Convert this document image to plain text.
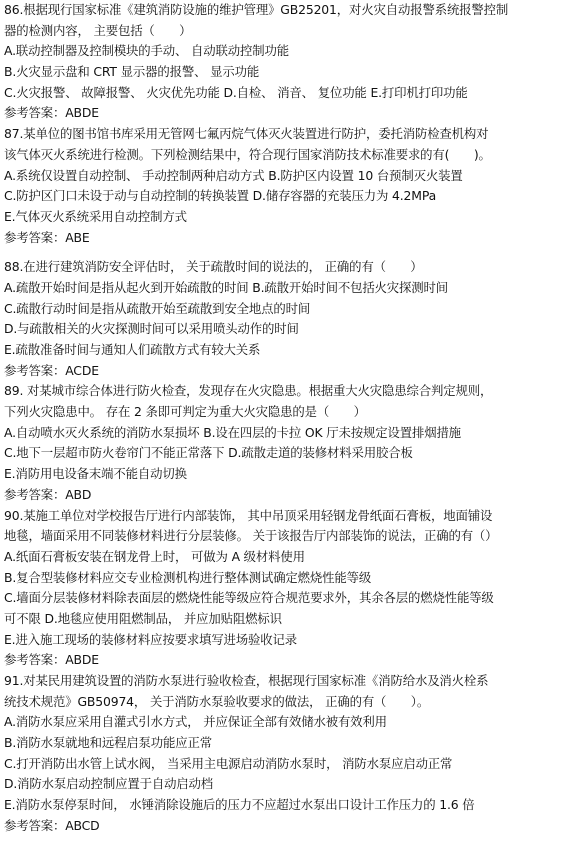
86.根据现行国家标准《建筑消防设施的维护管理》GB25201，对火灾自动报警系统报警控制
器的检测内容， 主要包括（　　）
A.联动控制器及控制模块的手动、 自动联动控制功能
B.火灾显示盘和 CRT 显示器的报警、 显示功能
C.火灾报警、 故障报警、 火灾优先功能 D.自检、 消音、 复位功能 E.打印机打印功能
参考答案：ABDE
87.某单位的图书馆书库采用无管网七氟丙烷气体灭火装置进行防护，委托消防检查机构对
该气体灭火系统进行检测。下列检测结果中，符合现行国家消防技术标准要求的有(　　)。
A.系统仅设置自动控制、 手动控制两种启动方式 B.防护区内设置 10 台预制灭火装置
C.防护区门口未设于动与自动控制的转换装置 D.储存容器的充装压力为 4.2MPa
E.气体灭火系统采用自动控制方式
参考答案：ABE
88.在进行建筑消防安全评估时， 关于疏散时间的说法的， 正确的有（　　）
A.疏散开始时间是指从起火到开始疏散的时间 B.疏散开始时间不包括火灾探测时间
C.疏散行动时间是指从疏散开始至疏散到安全地点的时间
D.与疏散相关的火灾探测时间可以采用喷头动作的时间
E.疏散准备时间与通知人们疏散方式有较大关系
参考答案：ACDE
89. 对某城市综合体进行防火检查，发现存在火灾隐患。根据重大火灾隐患综合判定规则，
下列火灾隐患中。 存在 2 条即可判定为重大火灾隐患的是（　　）
A.自动喷水灭火系统的消防水泵损坏 B.设在四层的卡拉 OK 厅未按规定设置排烟措施
C.地下一层超市防火卷帘门不能正常落下 D.疏散走道的装修材料采用胶合板
E.消防用电设备末端不能自动切换
参考答案：ABD
90.某施工单位对学校报告厅进行内部装饰， 其中吊顶采用轻钢龙骨纸面石膏板，地面铺设
地毯，墙面采用不同装修材料进行分层装修。 关于该报告厅内部装饰的说法，正确的有（）
A.纸面石膏板安装在钢龙骨上时， 可做为 A 级材料使用
B.复合型装修材料应交专业检测机构进行整体测试确定燃烧性能等级
C.墙面分层装修材料除表面层的燃烧性能等级应符合规范要求外，其余各层的燃烧性能等级
可不限 D.地毯应使用阻燃制品， 并应加贴阻燃标识
E.进入施工现场的装修材料应按要求填写进场验收记录
参考答案：ABDE
91.对某民用建筑设置的消防水泵进行验收检查，根据现行国家标准《消防给水及消火栓系
统技术规范》GB50974， 关于消防水泵验收要求的做法， 正确的有（　　）。
A.消防水泵应采用自灌式引水方式， 并应保证全部有效储水被有效利用
B.消防水泵就地和远程启泵功能应正常
C.打开消防出水管上试水阀， 当采用主电源启动消防水泵时， 消防水泵应启动正常
D.消防水泵启动控制应置于自动启动档
E.消防水泵停泵时间， 水锤消除设施后的压力不应超过水泵出口设计工作压力的 1.6 倍
参考答案：ABCD
